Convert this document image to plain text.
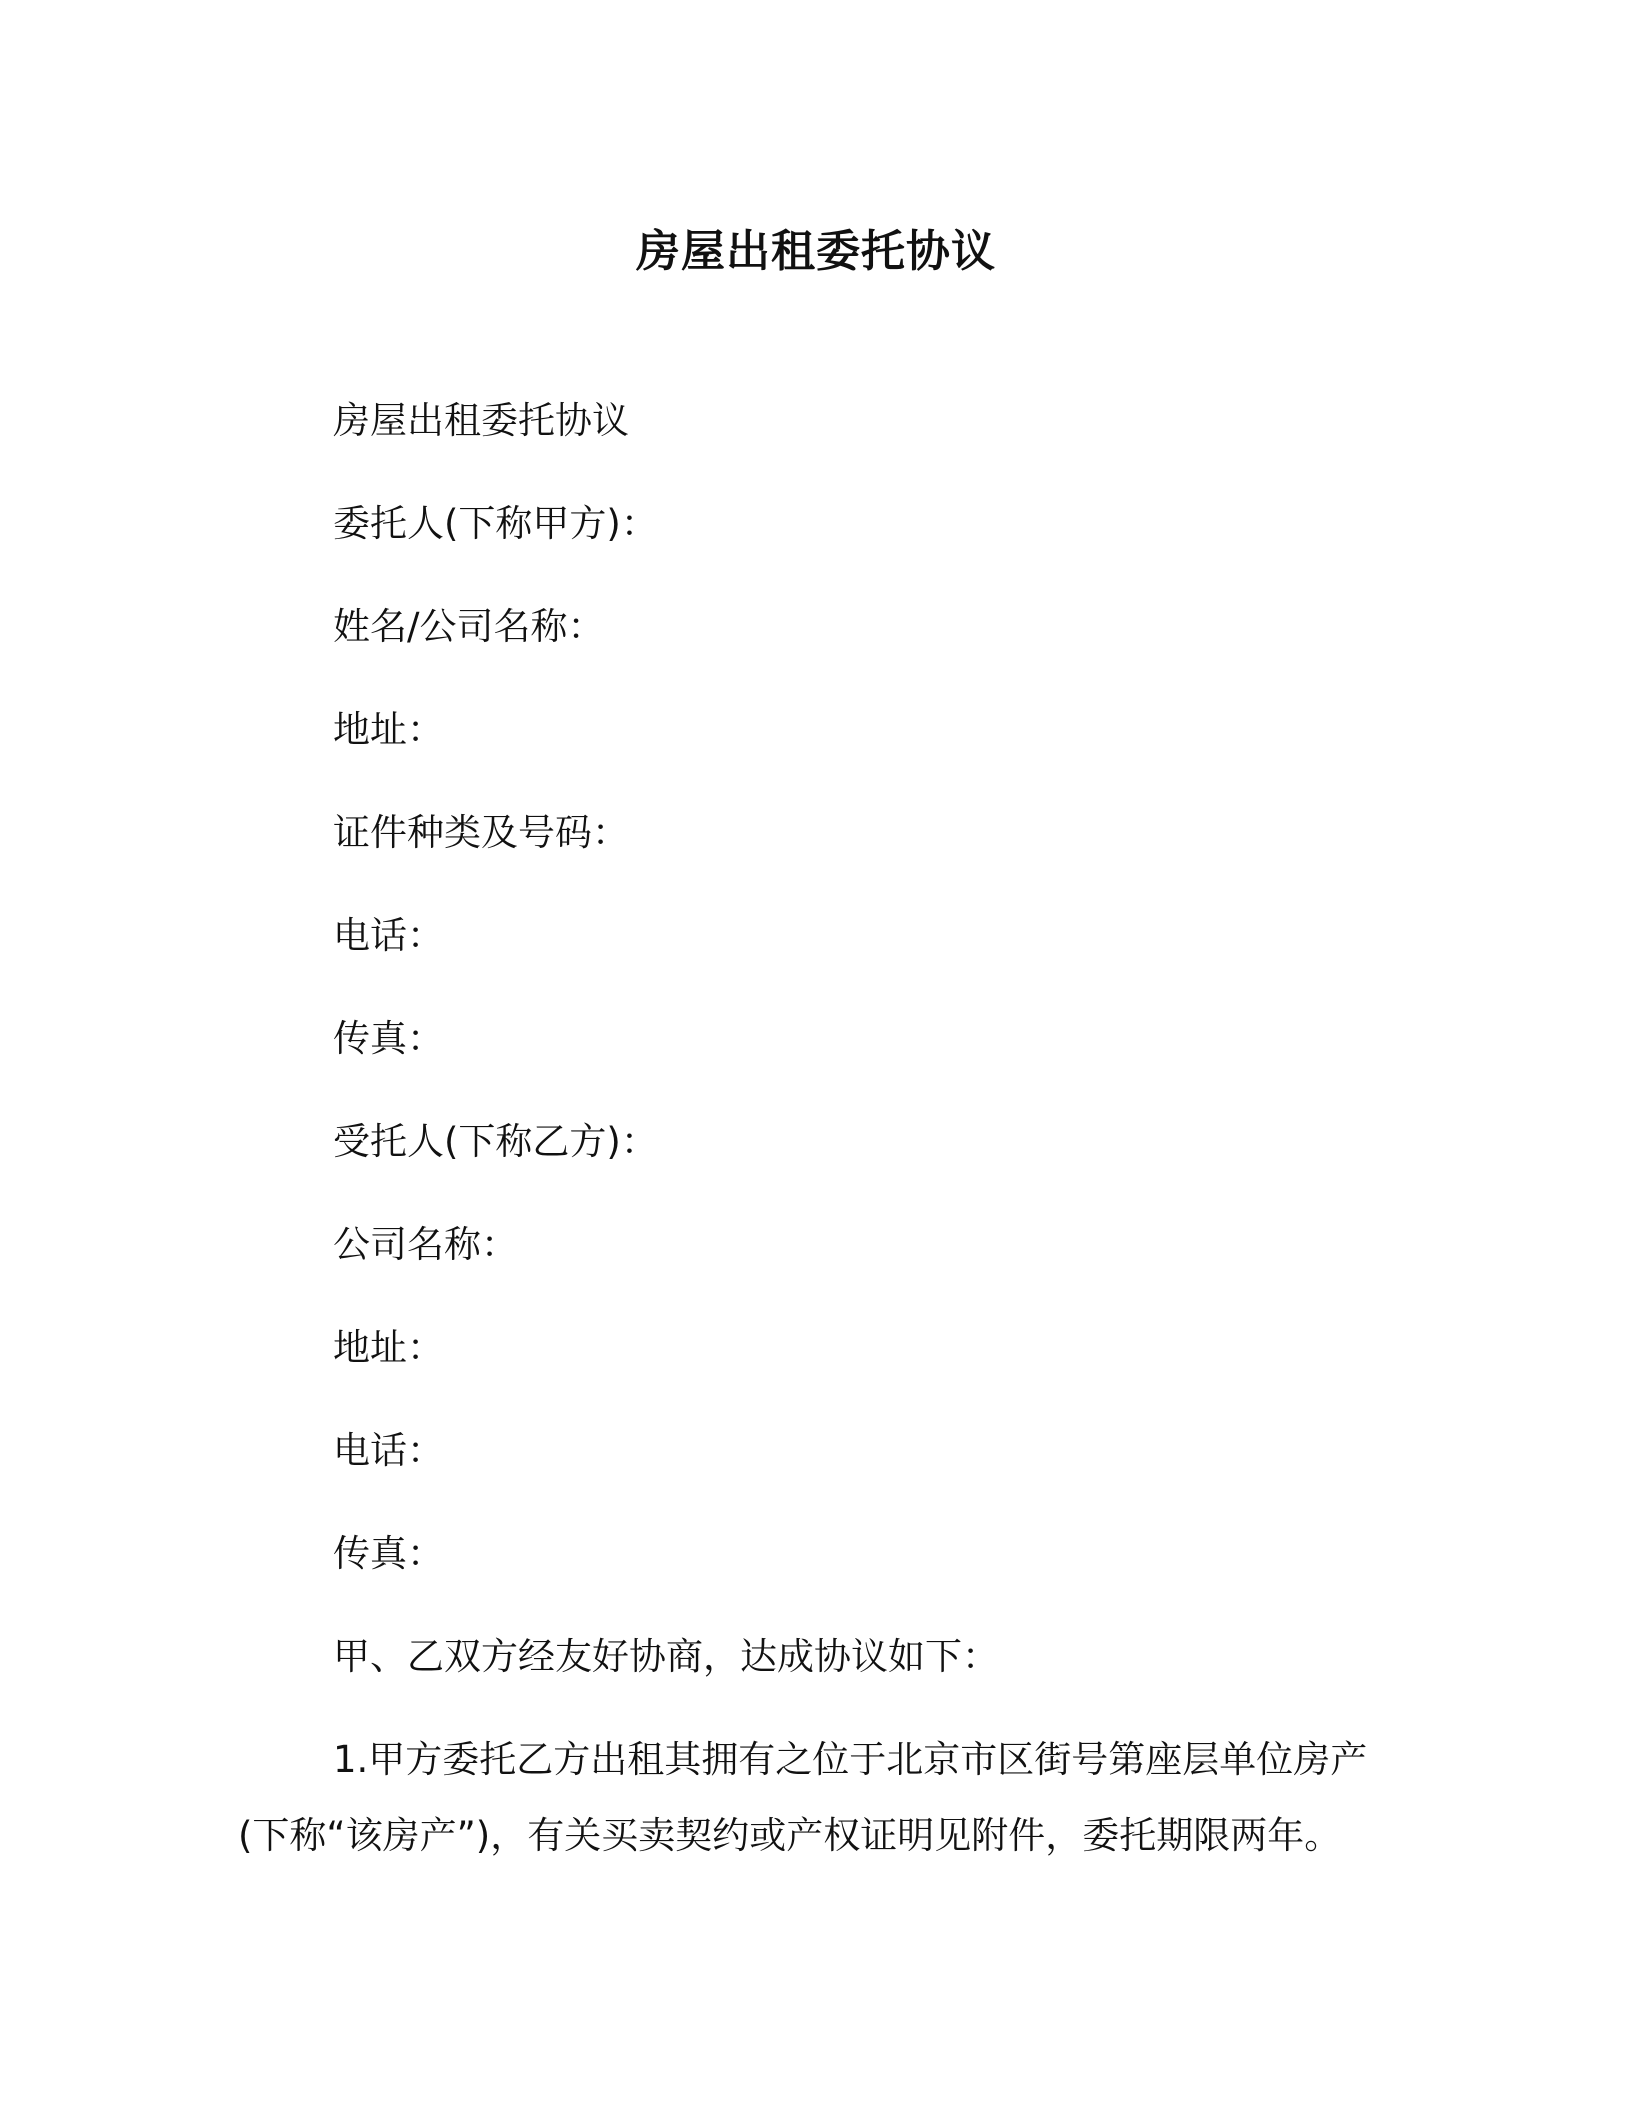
房屋出租委托协议
房屋出租委托协议
委托人(下称甲方)：
姓名/公司名称：
地址：
证件种类及号码：
电话：
传真：
受托人(下称乙方)：
公司名称：
地址：
电话：
传真：
甲、乙双方经友好协商，达成协议如下：
1.甲方委托乙方出租其拥有之位于北京市区街号第座层单位房产
(下称“该房产”)，有关买卖契约或产权证明见附件，委托期限两年。
